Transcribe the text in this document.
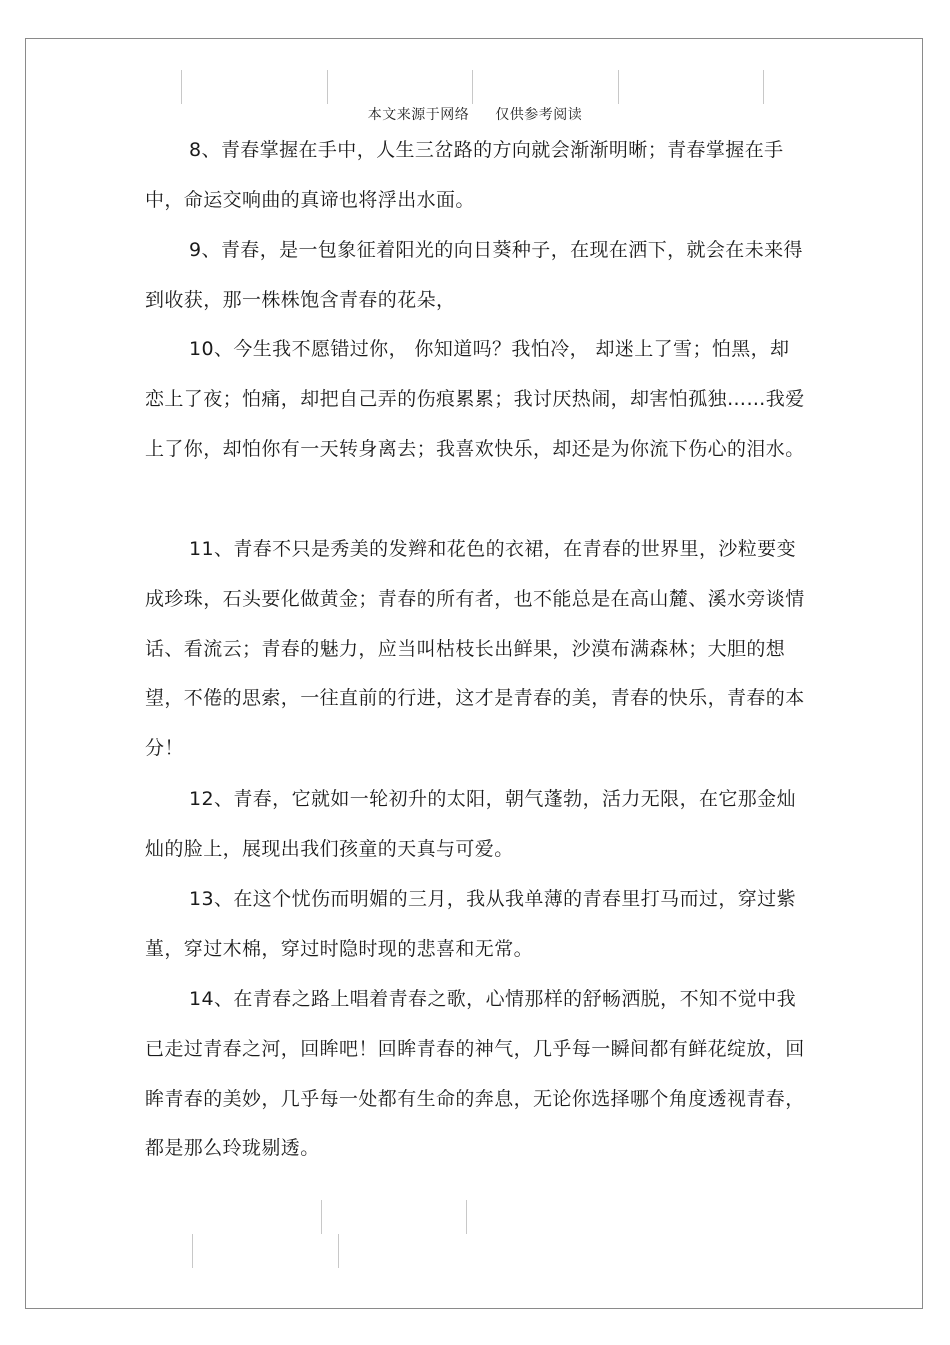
本文来源于网络 仅供参考阅读

8、青春掌握在手中，人生三岔路的方向就会渐渐明晰；青春掌握在手中，命运交响曲的真谛也将浮出水面。

9、青春，是一包象征着阳光的向日葵种子，在现在洒下，就会在未来得到收获，那一株株饱含青春的花朵，

10、今生我不愿错过你， 你知道吗？我怕冷， 却迷上了雪；怕黑，却恋上了夜；怕痛，却把自己弄的伤痕累累；我讨厌热闹，却害怕孤独……我爱上了你，却怕你有一天转身离去；我喜欢快乐，却还是为你流下伤心的泪水。

11、青春不只是秀美的发辫和花色的衣裙，在青春的世界里，沙粒要变成珍珠，石头要化做黄金；青春的所有者，也不能总是在高山麓、溪水旁谈情话、看流云；青春的魅力，应当叫枯枝长出鲜果，沙漠布满森林；大胆的想望，不倦的思索，一往直前的行进，这才是青春的美，青春的快乐，青春的本分！

12、青春，它就如一轮初升的太阳，朝气蓬勃，活力无限，在它那金灿灿的脸上，展现出我们孩童的天真与可爱。

13、在这个忧伤而明媚的三月，我从我单薄的青春里打马而过，穿过紫堇，穿过木棉，穿过时隐时现的悲喜和无常。

14、在青春之路上唱着青春之歌，心情那样的舒畅洒脱，不知不觉中我已走过青春之河，回眸吧！回眸青春的神气，几乎每一瞬间都有鲜花绽放，回眸青春的美妙，几乎每一处都有生命的奔息，无论你选择哪个角度透视青春，都是那么玲珑剔透。
